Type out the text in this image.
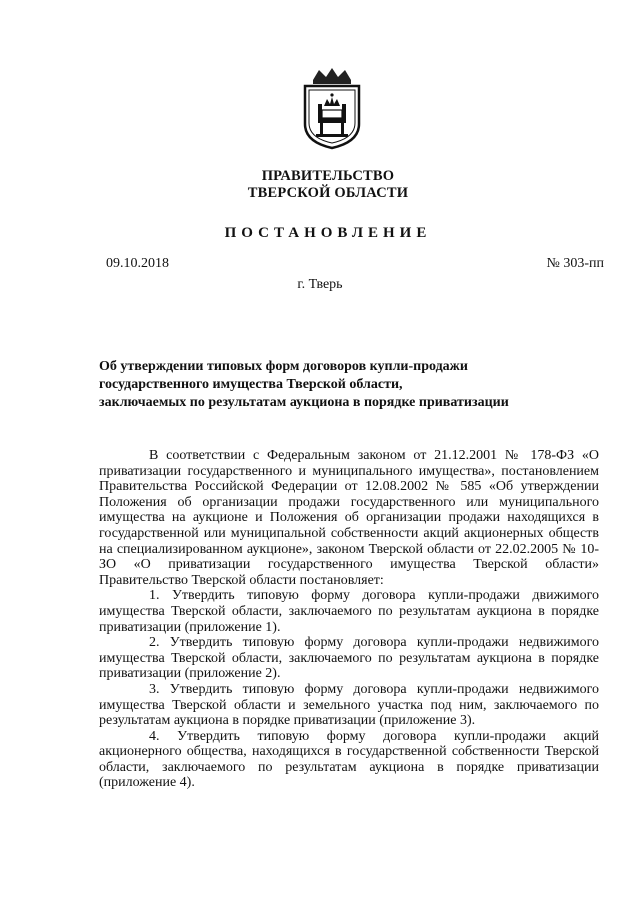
ПРАВИТЕЛЬСТВО
ТВЕРСКОЙ ОБЛАСТИ
ПОСТАНОВЛЕНИЕ
09.10.2018	№ 303-пп
г. Тверь
Об утверждении типовых форм договоров купли-продажи
государственного имущества Тверской области,
заключаемых по результатам аукциона в порядке приватизации

В соответствии с Федеральным законом от 21.12.2001 № 178-ФЗ «О приватизации государственного и муниципального имущества», постановлением Правительства Российской Федерации от 12.08.2002 № 585 «Об утверждении Положения об организации продажи государственного или муниципального имущества на аукционе и Положения об организации продажи находящихся в государственной или муниципальной собственности акций акционерных обществ на специализированном аукционе», законом Тверской области от 22.02.2005 № 10-ЗО «О приватизации государственного имущества Тверской области» Правительство Тверской области постановляет:

1. Утвердить типовую форму договора купли-продажи движимого имущества Тверской области, заключаемого по результатам аукциона в порядке приватизации (приложение 1).

2. Утвердить типовую форму договора купли-продажи недвижимого имущества Тверской области, заключаемого по результатам аукциона в порядке приватизации (приложение 2).

3. Утвердить типовую форму договора купли-продажи недвижимого имущества Тверской области и земельного участка под ним, заключаемого по результатам аукциона в порядке приватизации (приложение 3).

4. Утвердить типовую форму договора купли-продажи акций акционерного общества, находящихся в государственной собственности Тверской области, заключаемого по результатам аукциона в порядке приватизации (приложение 4).
